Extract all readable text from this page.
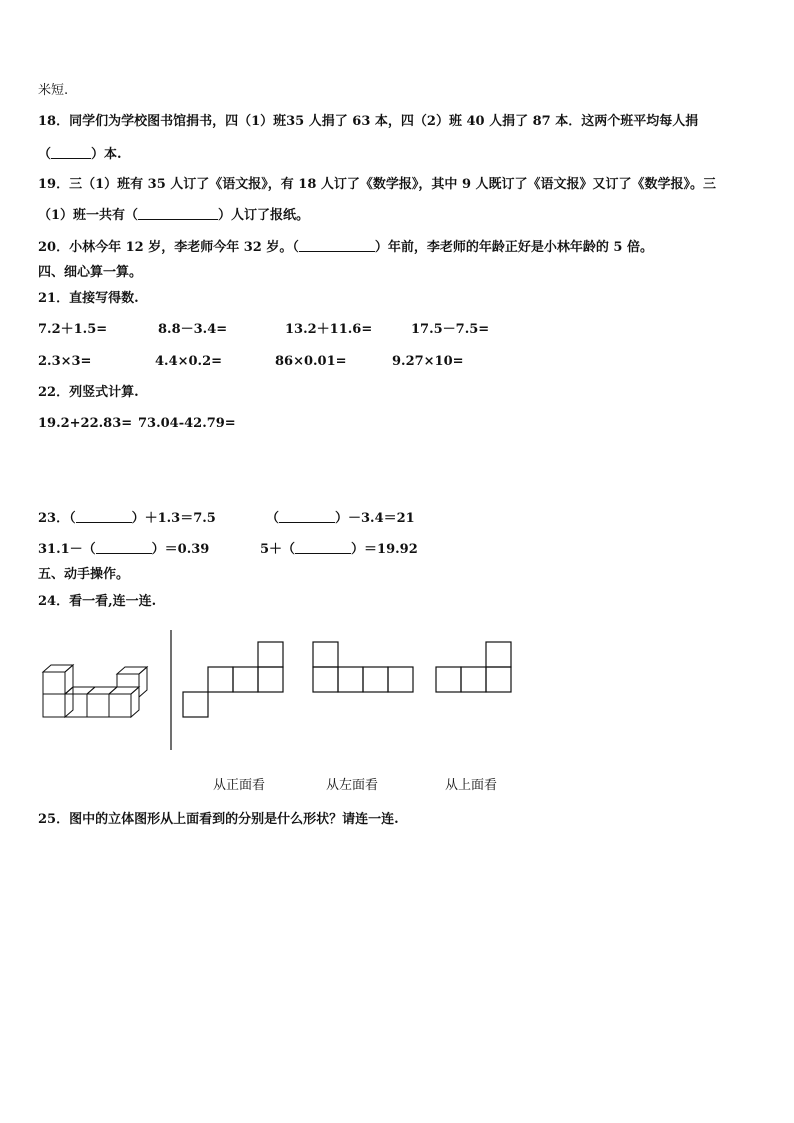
米短.
18．同学们为学校图书馆捐书，四（1）班35 人捐了 63 本，四（2）班 40 人捐了 87 本．这两个班平均每人捐
（	）本.
19．三（1）班有 35 人订了《语文报》，有 18 人订了《数学报》，其中 9 人既订了《语文报》又订了《数学报》。三
（1）班一共有（	）人订了报纸。
20．小林今年 12 岁，李老师今年 32 岁。（	）年前，李老师的年龄正好是小林年龄的 5 倍。
四、细心算一算。
21．直接写得数.
7.2＋1.5=	8.8－3.4=	13.2＋11.6=	17.5－7.5=
2.3×3=	4.4×0.2=	86×0.01=	9.27×10=
22．列竖式计算.
19.2+22.83= 73.04-42.79=
23．（	）＋1.3＝7.5	（	）－3.4＝21
31.1－（	）＝0.39	5＋（	）＝19.92
五、动手操作。
24．看一看,连一连.
从正面看	从左面看	从上面看
25．图中的立体图形从上面看到的分别是什么形状？请连一连.
